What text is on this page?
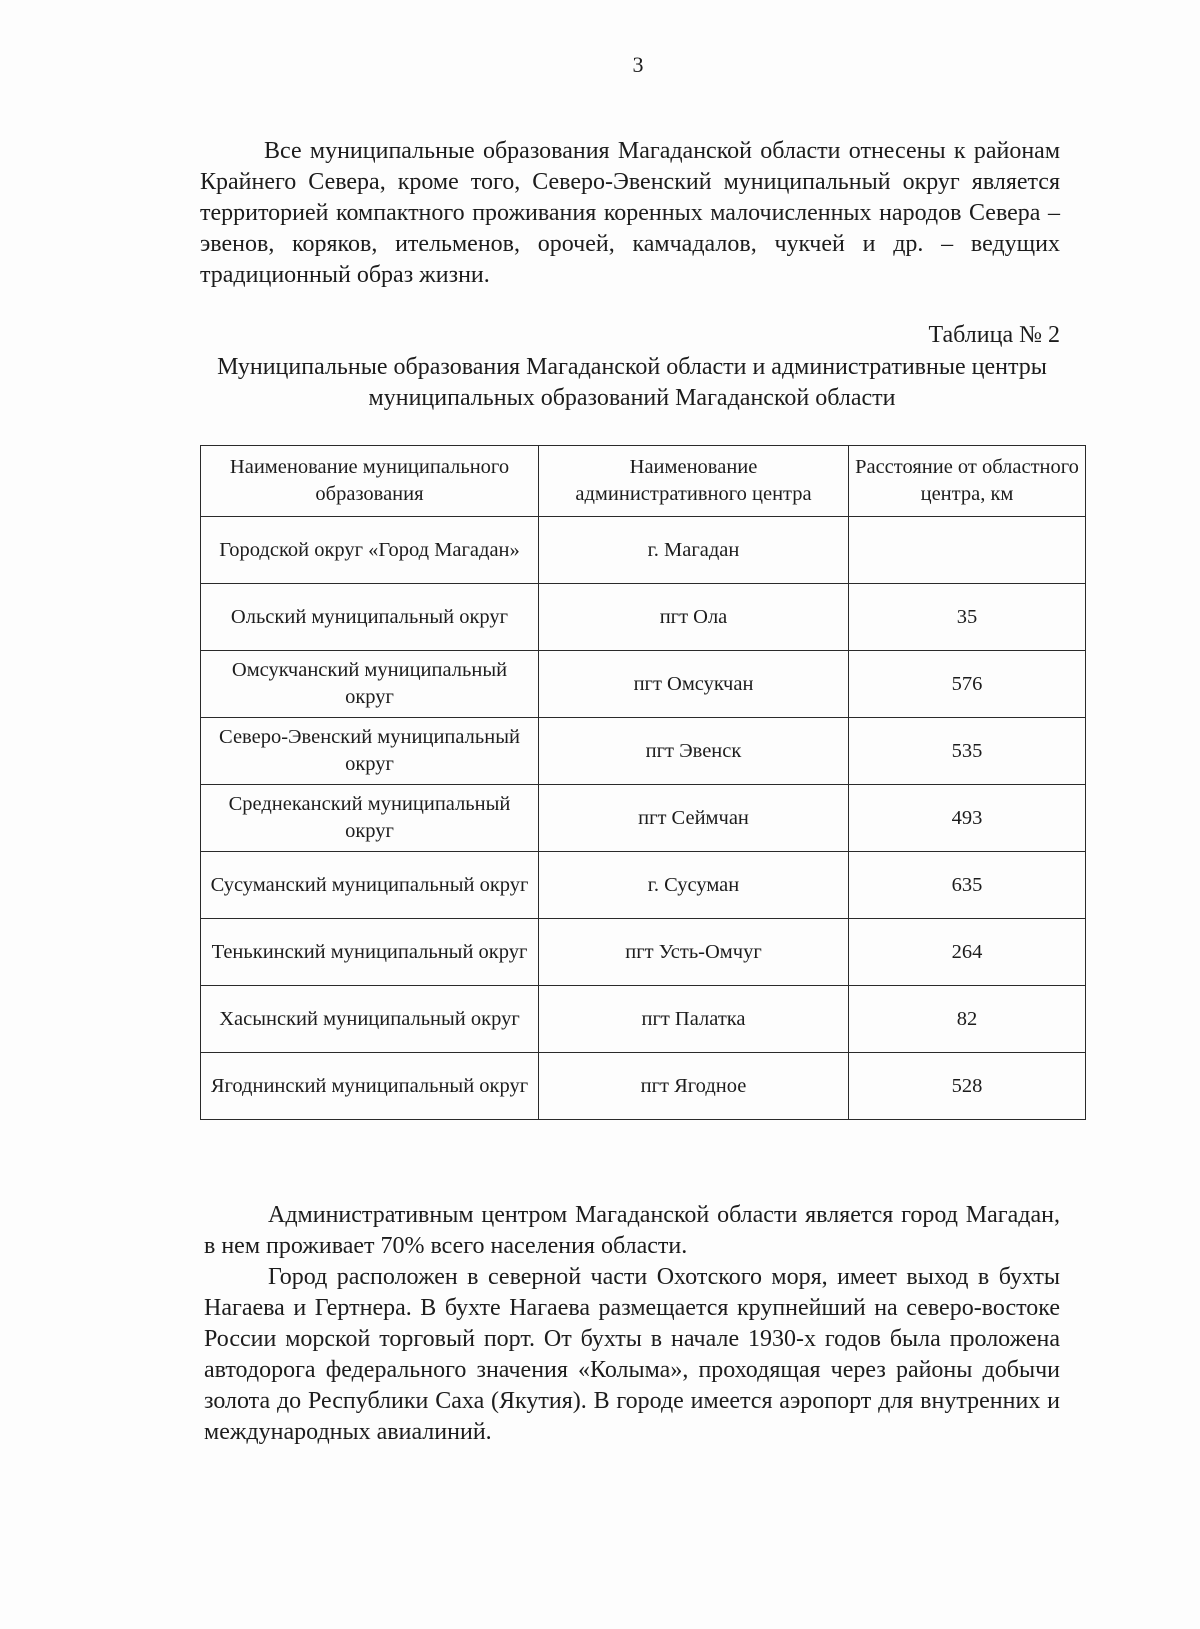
3

Все муниципальные образования Магаданской области отнесены к районам Крайнего Севера, кроме того, Северо-Эвенский муниципальный округ является территорией компактного проживания коренных малочисленных народов Севера – эвенов, коряков, ительменов, орочей, камчадалов, чукчей и др. – ведущих традиционный образ жизни.

Таблица № 2
Муниципальные образования Магаданской области и административные центры муниципальных образований Магаданской области
Наименование муниципального образования	Наименование административного центра	Расстояние от областного центра, км
Городской округ «Город Магадан»	г. Магадан	
Ольский муниципальный округ	пгт Ола	35
Омсукчанский муниципальный округ	пгт Омсукчан	576
Северо-Эвенский муниципальный округ	пгт Эвенск	535
Среднеканский муниципальный округ	пгт Сеймчан	493
Сусуманский муниципальный округ	г. Сусуман	635
Тенькинский муниципальный округ	пгт Усть-Омчуг	264
Хасынский муниципальный округ	пгт Палатка	82
Ягоднинский муниципальный округ	пгт Ягодное	528
Административным центром Магаданской области является город Магадан, в нем проживает 70% всего населения области.
Город расположен в северной части Охотского моря, имеет выход в бухты Нагаева и Гертнера. В бухте Нагаева размещается крупнейший на северо-востоке России морской торговый порт. От бухты в начале 1930-х годов была проложена автодорога федерального значения «Колыма», проходящая через районы добычи золота до Республики Саха (Якутия). В городе имеется аэропорт для внутренних и международных авиалиний.
